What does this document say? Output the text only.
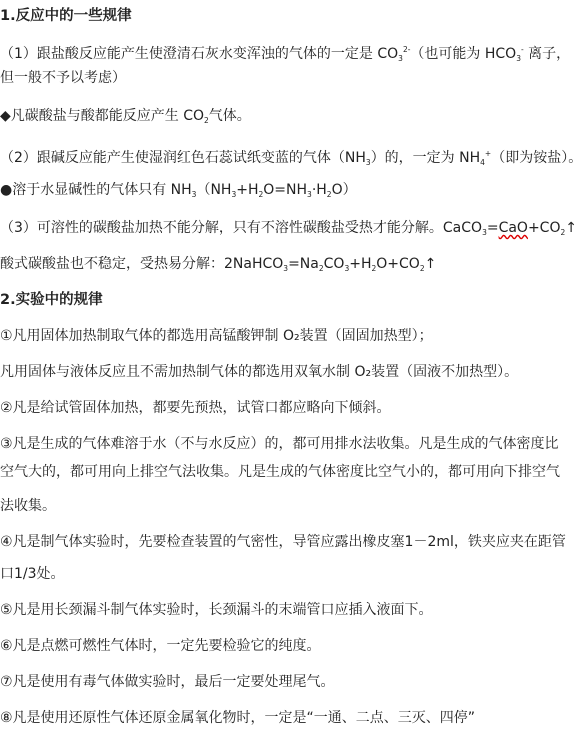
1.反应中的一些规律
（1）跟盐酸反应能产生使澄清石灰水变浑浊的气体的一定是 $CO_3^{2-}$（也可能为 $HCO_3^-$ 离子，
但一般不予以考虑）
◆凡碳酸盐与酸都能反应产生 $CO_2$气体。
（2）跟碱反应能产生使湿润红色石蕊试纸变蓝的气体$(NH_3)$的，一定为 $NH_4^+$（即为铵盐）。
●溶于水显碱性的气体只有 $NH_3(NH_3+H_2O=NH_3\cdot H_2O)$
（3）可溶性的碳酸盐加热不能分解，只有不溶性碳酸盐受热才能分解。$CaCO_3=CaO+CO_2↑$
酸式碳酸盐也不稳定，受热易分解：$2NaHCO_3=Na_2CO_3+H_2O+CO_2↑$
2.实验中的规律
①凡用固体加热制取气体的都选用高锰酸钾制 O₂装置（固固加热型）；
凡用固体与液体反应且不需加热制气体的都选用双氧水制 O₂装置（固液不加热型）。
②凡是给试管固体加热，都要先预热，试管口都应略向下倾斜。
③凡是生成的气体难溶于水（不与水反应）的，都可用排水法收集。凡是生成的气体密度比
空气大的，都可用向上排空气法收集。凡是生成的气体密度比空气小的，都可用向下排空气
法收集。
④凡是制气体实验时，先要检查装置的气密性，导管应露出橡皮塞1－2ml，铁夹应夹在距管
口1/3处。
⑤凡是用长颈漏斗制气体实验时，长颈漏斗的末端管口应插入液面下。
⑥凡是点燃可燃性气体时，一定先要检验它的纯度。
⑦凡是使用有毒气体做实验时，最后一定要处理尾气。
⑧凡是使用还原性气体还原金属氧化物时，一定是“一通、二点、三灭、四停”
